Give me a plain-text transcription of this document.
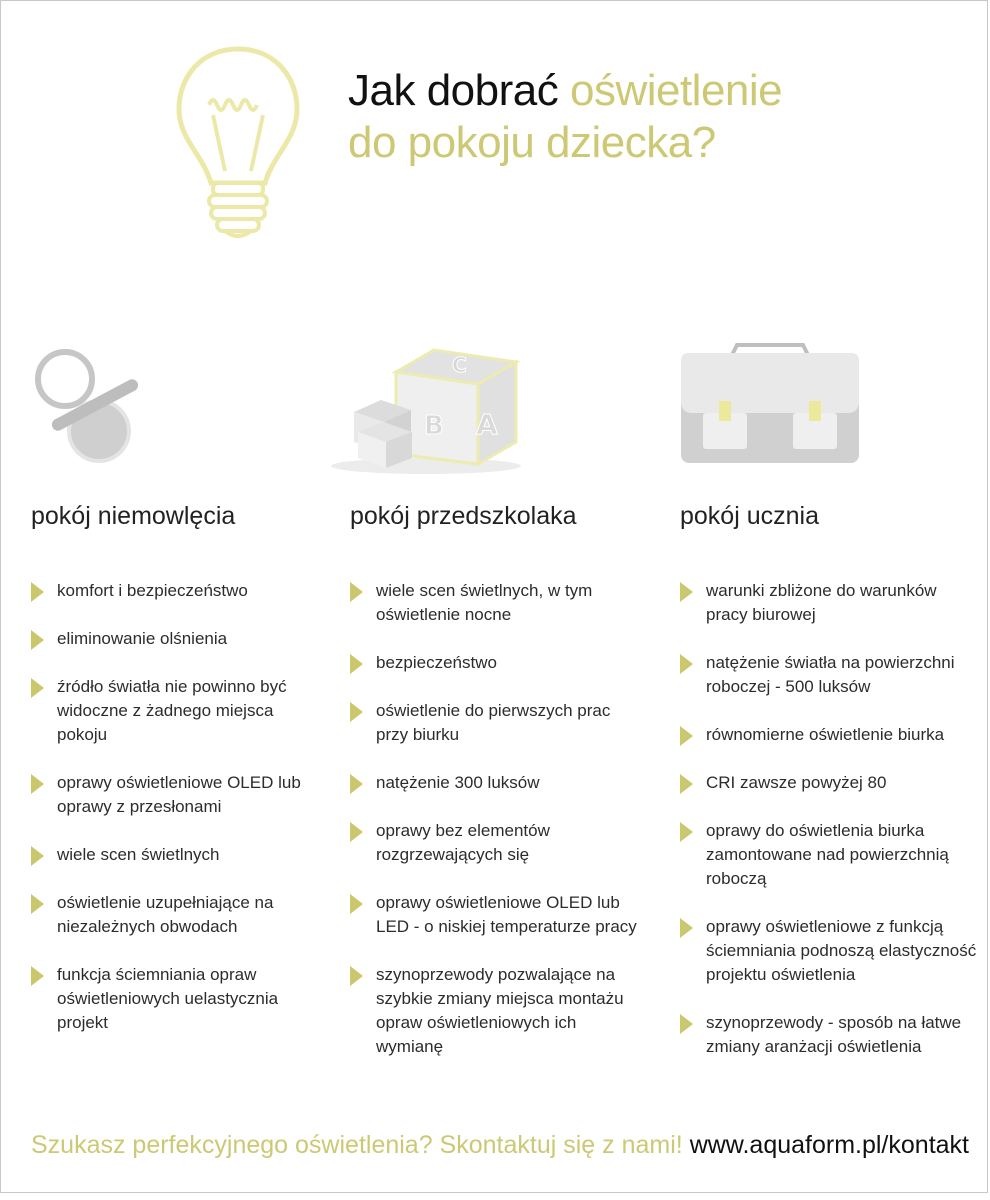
Jak dobrać oświetlenie
do pokoju dziecka?
C
B A
pokój niemowlęcia
komfort i bezpieczeństwo
eliminowanie olśnienia
źródło światła nie powinno być widoczne z żadnego miejsca pokoju
oprawy oświetleniowe OLED lub oprawy z przesłonami
wiele scen świetlnych
oświetlenie uzupełniające na niezależnych obwodach
funkcja ściemniania opraw oświetleniowych uelastycznia projekt
pokój przedszkolaka
wiele scen świetlnych, w tym oświetlenie nocne
bezpieczeństwo
oświetlenie do pierwszych prac przy biurku
natężenie 300 luksów
oprawy bez elementów rozgrzewających się
oprawy oświetleniowe OLED lub LED - o niskiej temperaturze pracy
szynoprzewody pozwalające na szybkie zmiany miejsca montażu opraw oświetleniowych ich wymianę
pokój ucznia
warunki zbliżone do warunków pracy biurowej
natężenie światła na powierzchni roboczej - 500 luksów
równomierne oświetlenie biurka
CRI zawsze powyżej 80
oprawy do oświetlenia biurka zamontowane nad powierzchnią roboczą
oprawy oświetleniowe z funkcją ściemniania podnoszą elastyczność projektu oświetlenia
szynoprzewody - sposób na łatwe zmiany aranżacji oświetlenia
Szukasz perfekcyjnego oświetlenia? Skontaktuj się z nami! www.aquaform.pl/kontakt
